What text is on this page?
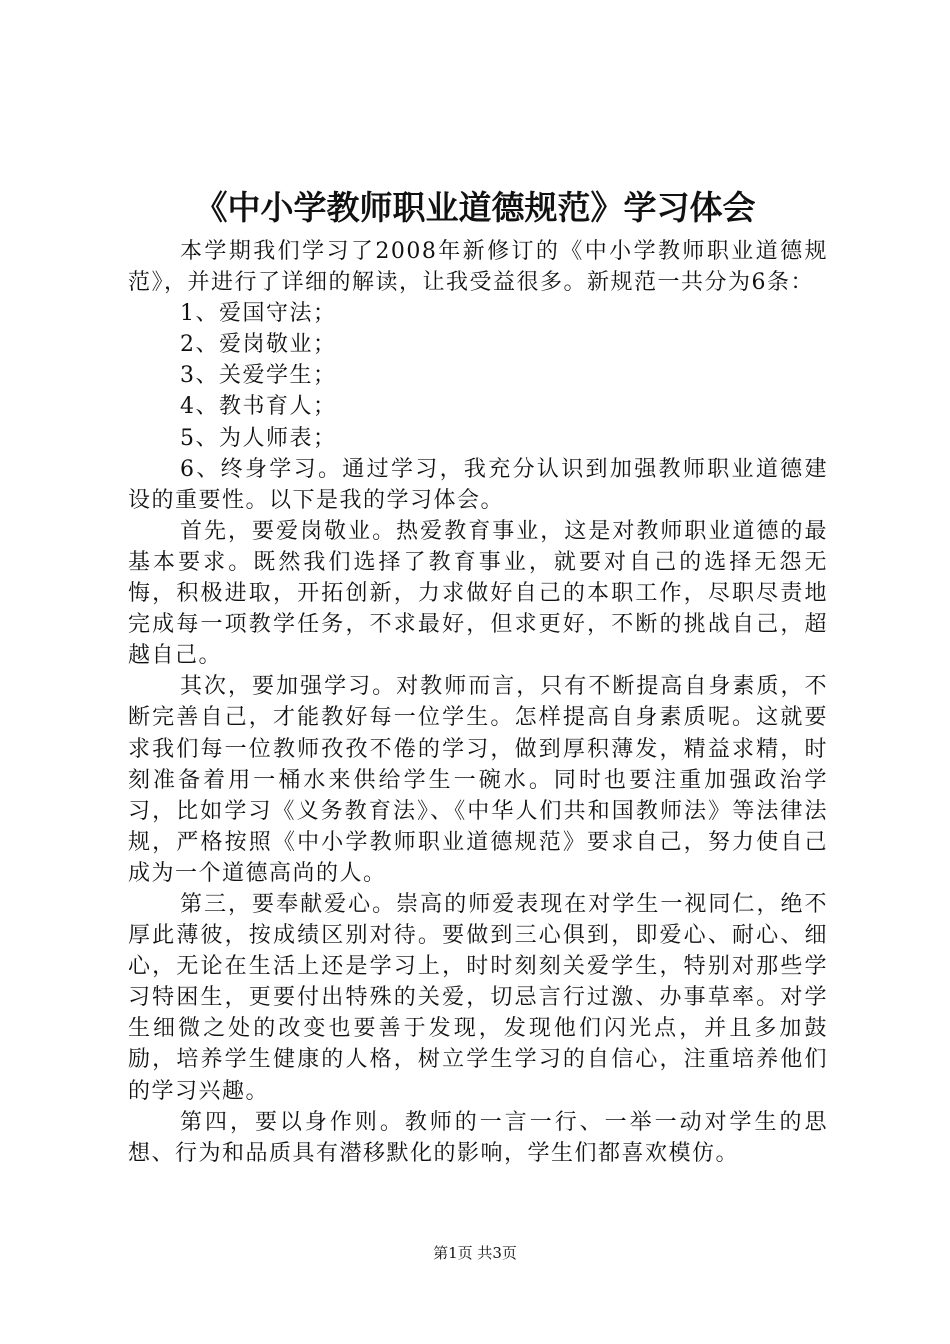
《中小学教师职业道德规范》学习体会

本学期我们学习了2008年新修订的《中小学教师职业道德规范》，并进行了详细的解读，让我受益很多。新规范一共分为6条：

1、爱国守法；

2、爱岗敬业；

3、关爱学生；

4、教书育人；

5、为人师表；

6、终身学习。通过学习，我充分认识到加强教师职业道德建设的重要性。以下是我的学习体会。

首先，要爱岗敬业。热爱教育事业，这是对教师职业道德的最基本要求。既然我们选择了教育事业，就要对自己的选择无怨无悔，积极进取，开拓创新，力求做好自己的本职工作，尽职尽责地完成每一项教学任务，不求最好，但求更好，不断的挑战自己，超越自己。

其次，要加强学习。对教师而言，只有不断提高自身素质，不断完善自己，才能教好每一位学生。怎样提高自身素质呢。这就要求我们每一位教师孜孜不倦的学习，做到厚积薄发，精益求精，时刻准备着用一桶水来供给学生一碗水。同时也要注重加强政治学习，比如学习《义务教育法》、《中华人们共和国教师法》等法律法规，严格按照《中小学教师职业道德规范》要求自己，努力使自己成为一个道德高尚的人。

第三，要奉献爱心。崇高的师爱表现在对学生一视同仁，绝不厚此薄彼，按成绩区别对待。要做到三心俱到，即爱心、耐心、细心，无论在生活上还是学习上，时时刻刻关爱学生，特别对那些学习特困生，更要付出特殊的关爱，切忌言行过激、办事草率。对学生细微之处的改变也要善于发现，发现他们闪光点，并且多加鼓励，培养学生健康的人格，树立学生学习的自信心，注重培养他们的学习兴趣。

第四，要以身作则。教师的一言一行、一举一动对学生的思想、行为和品质具有潜移默化的影响，学生们都喜欢模仿。

第1页 共3页
